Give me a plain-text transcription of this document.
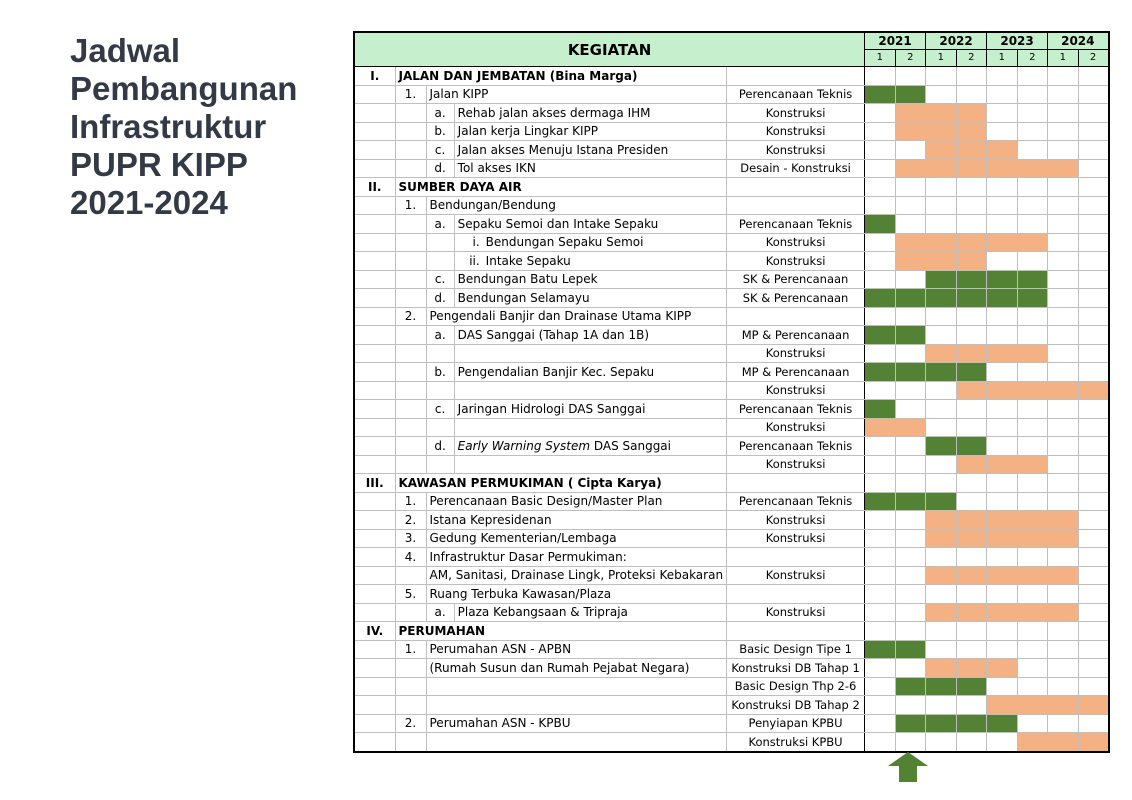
Jadwal
Pembangunan
Infrastruktur
PUPR KIPP
2021-2024
KEGIATAN					2021		2022		2023		2024	
					1	2	1	2	1	2	1	2
I.	JALAN DAN JEMBATAN (Bina Marga)											
	1.	Jalan KIPP		Perencanaan Teknis								
		a.	Rehab jalan akses dermaga IHM	Konstruksi								
		b.	Jalan kerja Lingkar KIPP	Konstruksi								
		c.	Jalan akses Menuju Istana Presiden	Konstruksi								
		d.	Tol akses IKN	Desain - Konstruksi								
II.	SUMBER DAYA AIR											
	1.	Bendungan/Bendung										
		a.	Sepaku Semoi dan Intake Sepaku	Perencanaan Teknis								
			i. Bendungan Sepaku Semoi	Konstruksi								
			ii. Intake Sepaku	Konstruksi								
		c.	Bendungan Batu Lepek	SK & Perencanaan								
		d.	Bendungan Selamayu	SK & Perencanaan								
	2.	Pengendali Banjir dan Drainase Utama KIPP										
		a.	DAS Sanggai (Tahap 1A dan 1B)	MP & Perencanaan								
				Konstruksi								
		b.	Pengendalian Banjir Kec. Sepaku	MP & Perencanaan								
				Konstruksi								
		c.	Jaringan Hidrologi DAS Sanggai	Perencanaan Teknis								
				Konstruksi								
		d.	Early Warning System DAS Sanggai	Perencanaan Teknis								
				Konstruksi								
III.	KAWASAN PERMUKIMAN ( Cipta Karya)											
	1.	Perencanaan Basic Design/Master Plan		Perencanaan Teknis								
	2.	Istana Kepresidenan		Konstruksi								
	3.	Gedung Kementerian/Lembaga		Konstruksi								
	4.	Infrastruktur Dasar Permukiman:										
		AM, Sanitasi, Drainase Lingk, Proteksi Kebakaran		Konstruksi								
	5.	Ruang Terbuka Kawasan/Plaza										
		a.	Plaza Kebangsaan & Tripraja	Konstruksi								
IV.	PERUMAHAN											
	1.	Perumahan ASN - APBN		Basic Design Tipe 1								
		(Rumah Susun dan Rumah Pejabat Negara)		Konstruksi DB Tahap 1								
				Basic Design Thp 2-6								
				Konstruksi DB Tahap 2								
	2.	Perumahan ASN - KPBU		Penyiapan KPBU								
				Konstruksi KPBU								
